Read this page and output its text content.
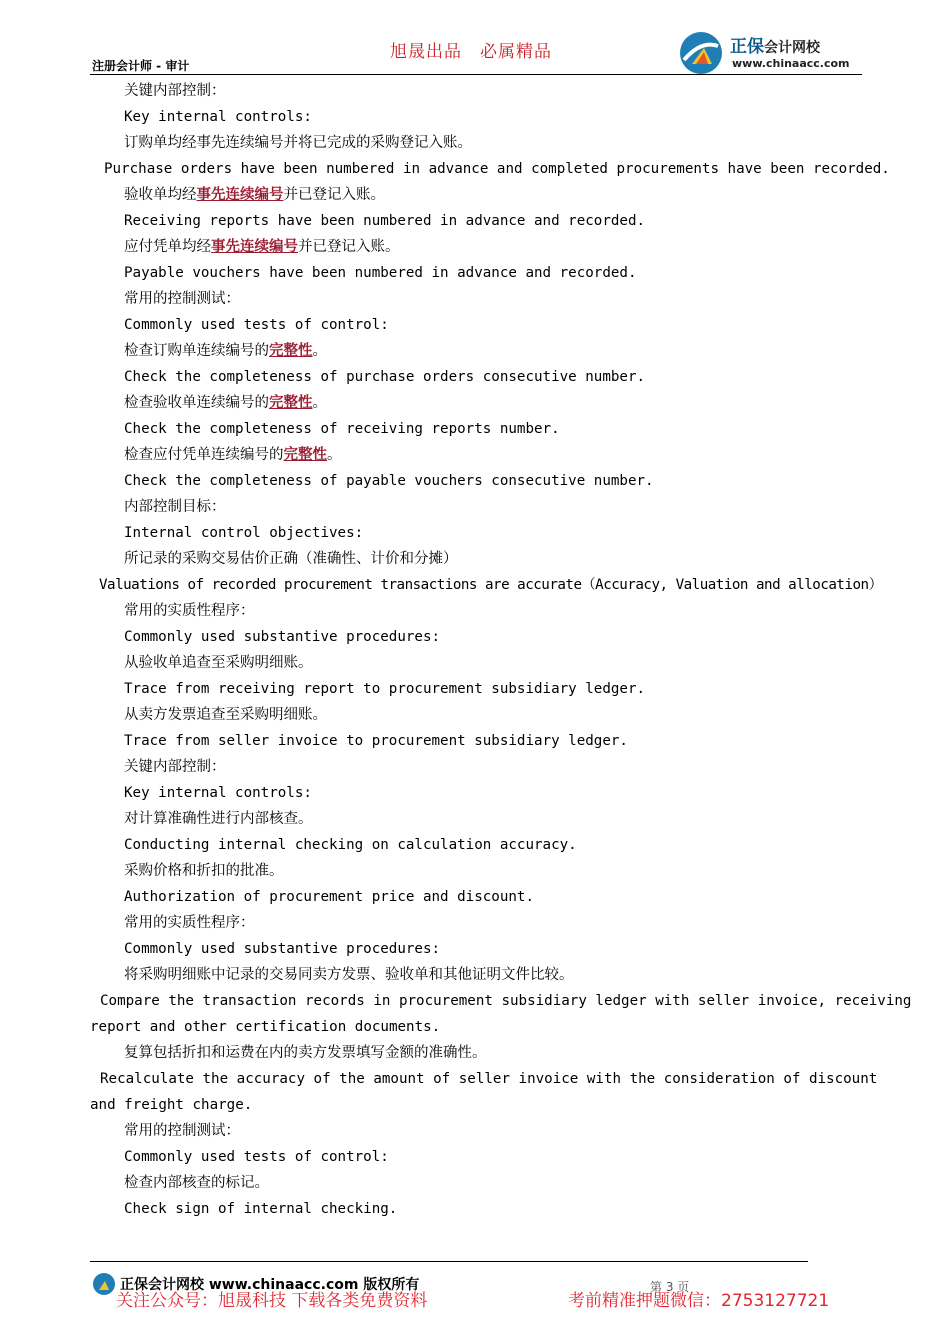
注册会计师 - 审计
旭晟出品 必属精品	正保会计网校
www.chinaacc.com
关键内部控制：
Key internal controls:
订购单均经事先连续编号并将已完成的采购登记入账。
Purchase orders have been numbered in advance and completed procurements have been recorded.
验收单均经事先连续编号并已登记入账。
Receiving reports have been numbered in advance and recorded.
应付凭单均经事先连续编号并已登记入账。
Payable vouchers have been numbered in advance and recorded.
常用的控制测试：
Commonly used tests of control:
检查订购单连续编号的完整性。
Check the completeness of purchase orders consecutive number.
检查验收单连续编号的完整性。
Check the completeness of receiving reports number.
检查应付凭单连续编号的完整性。
Check the completeness of payable vouchers consecutive number.
内部控制目标：
Internal control objectives:
所记录的采购交易估价正确（准确性、计价和分摊）
Valuations of recorded procurement transactions are accurate（Accuracy, Valuation and allocation）
常用的实质性程序：
Commonly used substantive procedures:
从验收单追查至采购明细账。
Trace from receiving report to procurement subsidiary ledger.
从卖方发票追查至采购明细账。
Trace from seller invoice to procurement subsidiary ledger.
关键内部控制：
Key internal controls:
对计算准确性进行内部核查。
Conducting internal checking on calculation accuracy.
采购价格和折扣的批准。
Authorization of procurement price and discount.
常用的实质性程序：
Commonly used substantive procedures:
将采购明细账中记录的交易同卖方发票、验收单和其他证明文件比较。
Compare the transaction records in procurement subsidiary ledger with seller invoice, receiving
report and other certification documents.
复算包括折扣和运费在内的卖方发票填写金额的准确性。
Recalculate the accuracy of the amount of seller invoice with the consideration of discount
and freight charge.
常用的控制测试：
Commonly used tests of control:
检查内部核查的标记。
Check sign of internal checking.
正保会计网校 www.chinaacc.com 版权所有	第 3 页
关注公众号：旭晟科技 下载各类免费资料	考前精准押题微信：2753127721
